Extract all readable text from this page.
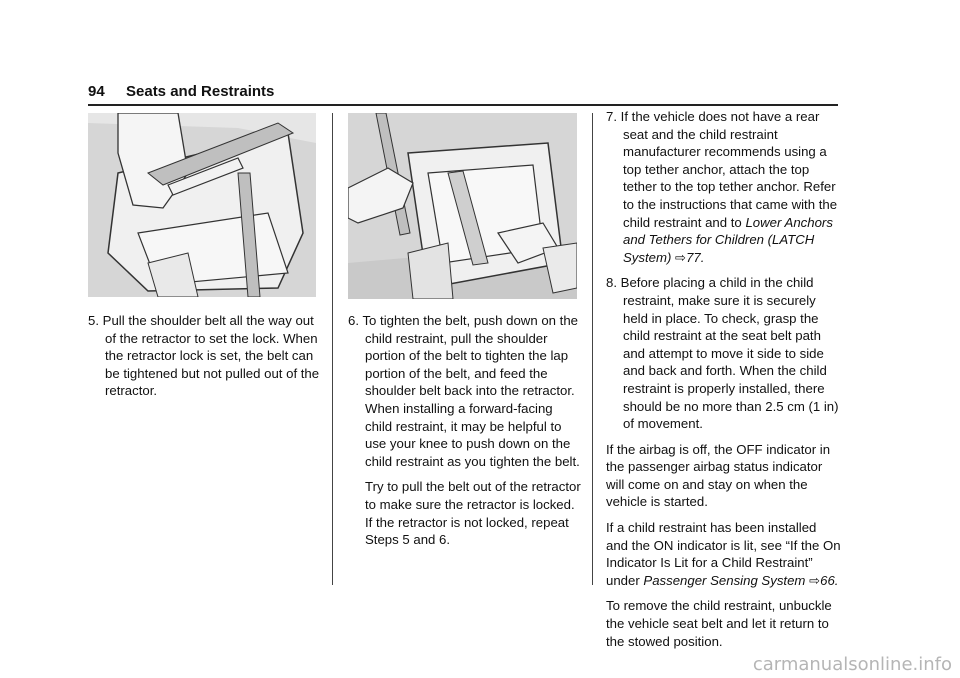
94 Seats and Restraints

5. Pull the shoulder belt all the way out of the retractor to set the lock. When the retractor lock is set, the belt can be tightened but not pulled out of the retractor.

6. To tighten the belt, push down on the child restraint, pull the shoulder portion of the belt to tighten the lap portion of the belt, and feed the shoulder belt back into the retractor. When installing a forward-facing child restraint, it may be helpful to use your knee to push down on the child restraint as you tighten the belt.

Try to pull the belt out of the retractor to make sure the retractor is locked.
If the retractor is not locked, repeat Steps 5 and 6.

7. If the vehicle does not have a rear seat and the child restraint manufacturer recommends using a top tether anchor, attach the top tether to the top tether anchor. Refer to the instructions that came with the child restraint and to Lower Anchors and Tethers for Children (LATCH System) ⇨77.

8. Before placing a child in the child restraint, make sure it is securely held in place. To check, grasp the child restraint at the seat belt path and attempt to move it side to side and back and forth. When the child restraint is properly installed, there should be no more than 2.5 cm (1 in) of movement.

If the airbag is off, the OFF indicator in the passenger airbag status indicator will come on and stay on when the vehicle is started.

If a child restraint has been installed and the ON indicator is lit, see “If the On Indicator Is Lit for a Child Restraint” under Passenger Sensing System ⇨66.

To remove the child restraint, unbuckle the vehicle seat belt and let it return to the stowed position.

carmanualsonline.info
